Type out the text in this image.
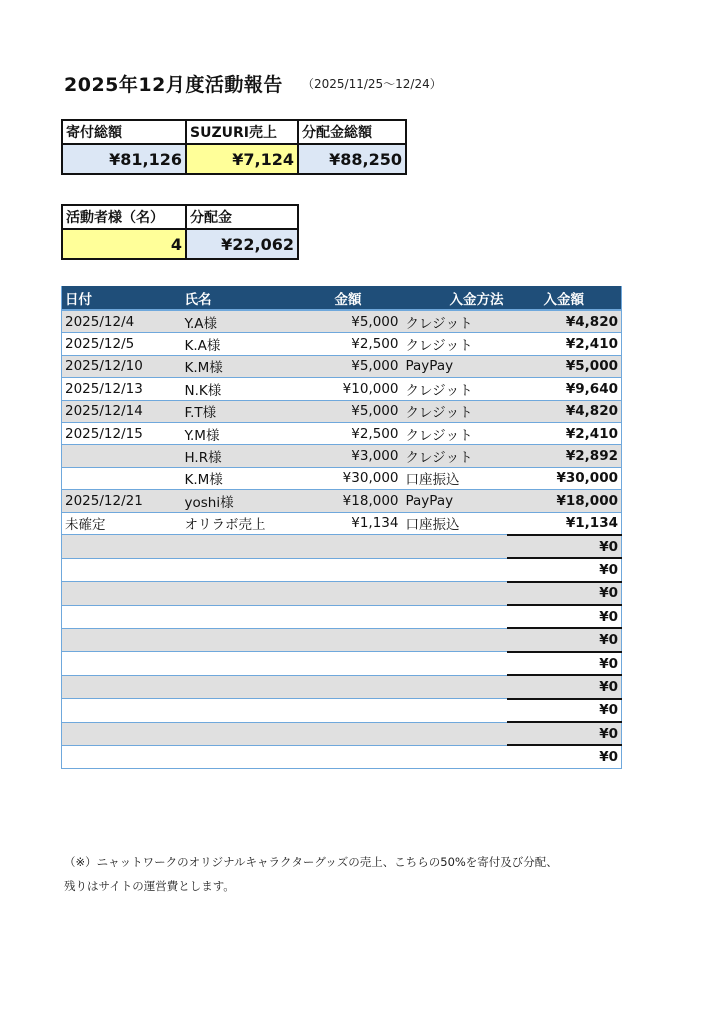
2025年12月度活動報告 （2025/11/25～12/24）
寄付総額	SUZURI売上	分配金総額
¥81,126	¥7,124	¥88,250
活動者様（名）	分配金
4	¥22,062
日付	氏名	金額	入金方法	入金額
2025/12/4	Y.A様	¥5,000	クレジット	¥4,820
2025/12/5	K.A様	¥2,500	クレジット	¥2,410
2025/12/10	K.M様	¥5,000	PayPay	¥5,000
2025/12/13	N.K様	¥10,000	クレジット	¥9,640
2025/12/14	F.T様	¥5,000	クレジット	¥4,820
2025/12/15	Y.M様	¥2,500	クレジット	¥2,410
	H.R様	¥3,000	クレジット	¥2,892
	K.M様	¥30,000	口座振込	¥30,000
2025/12/21	yoshi様	¥18,000	PayPay	¥18,000
未確定	オリラボ売上	¥1,134	口座振込	¥1,134
				¥0
				¥0
				¥0
				¥0
				¥0
				¥0
				¥0
				¥0
				¥0
				¥0
（※）ニャットワークのオリジナルキャラクターグッズの売上、こちらの50%を寄付及び分配、
残りはサイトの運営費とします。
